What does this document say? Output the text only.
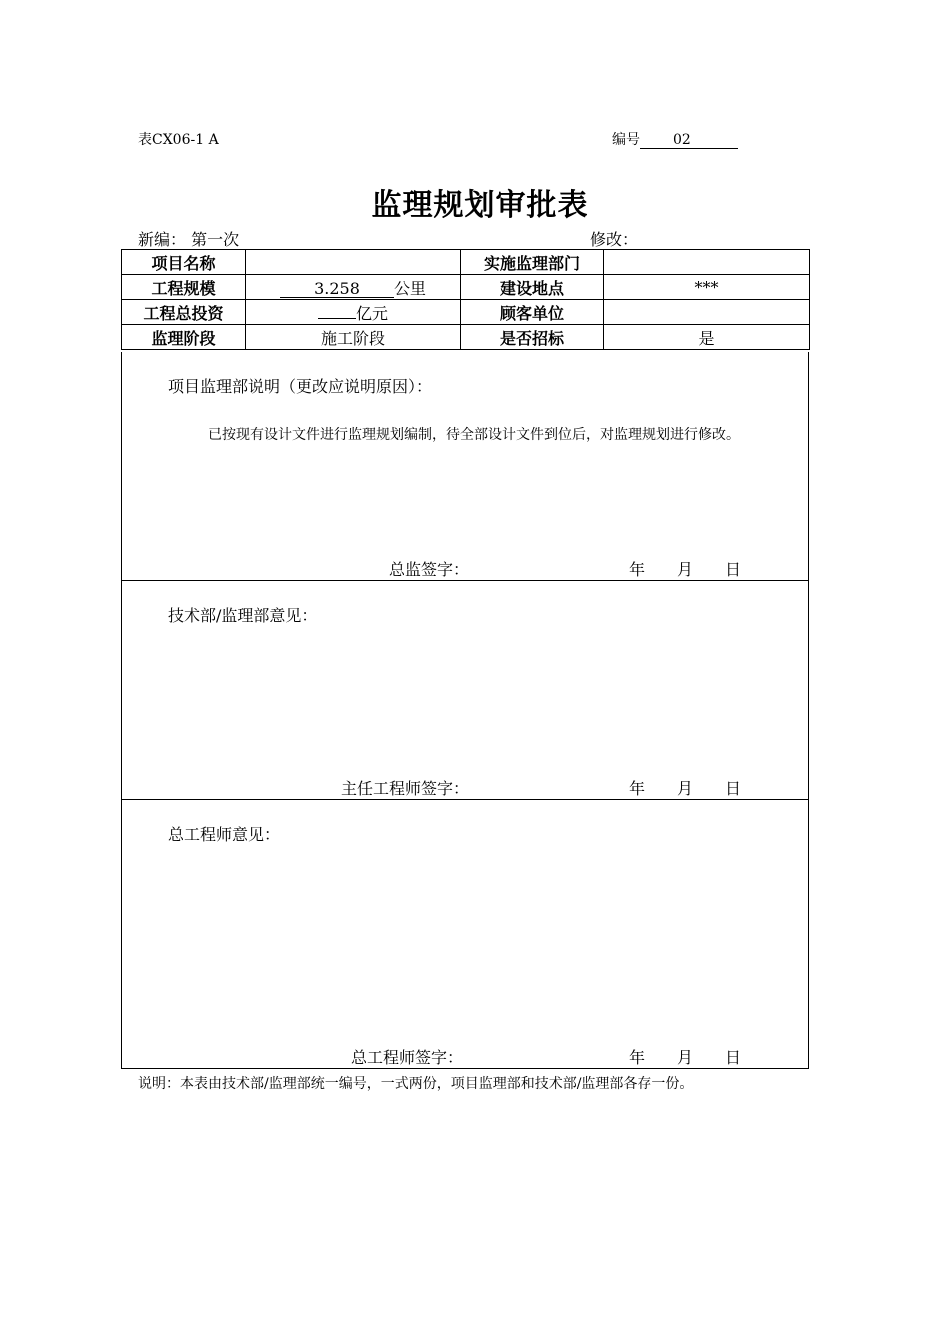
表CX06-1 A	编号 02
监理规划审批表
新编： 第一次	修改：
项目名称		实施监理部门	
工程规模	3.258 公里	建设地点	***
工程总投资	亿元	顾客单位	
监理阶段	施工阶段	是否招标	是
项目监理部说明（更改应说明原因）：
已按现有设计文件进行监理规划编制，待全部设计文件到位后，对监理规划进行修改。
总监签字：	年 月 日
技术部/监理部意见：
主任工程师签字：	年 月 日
总工程师意见：
总工程师签字：	年 月 日
说明：本表由技术部/监理部统一编号，一式两份，项目监理部和技术部/监理部各存一份。
